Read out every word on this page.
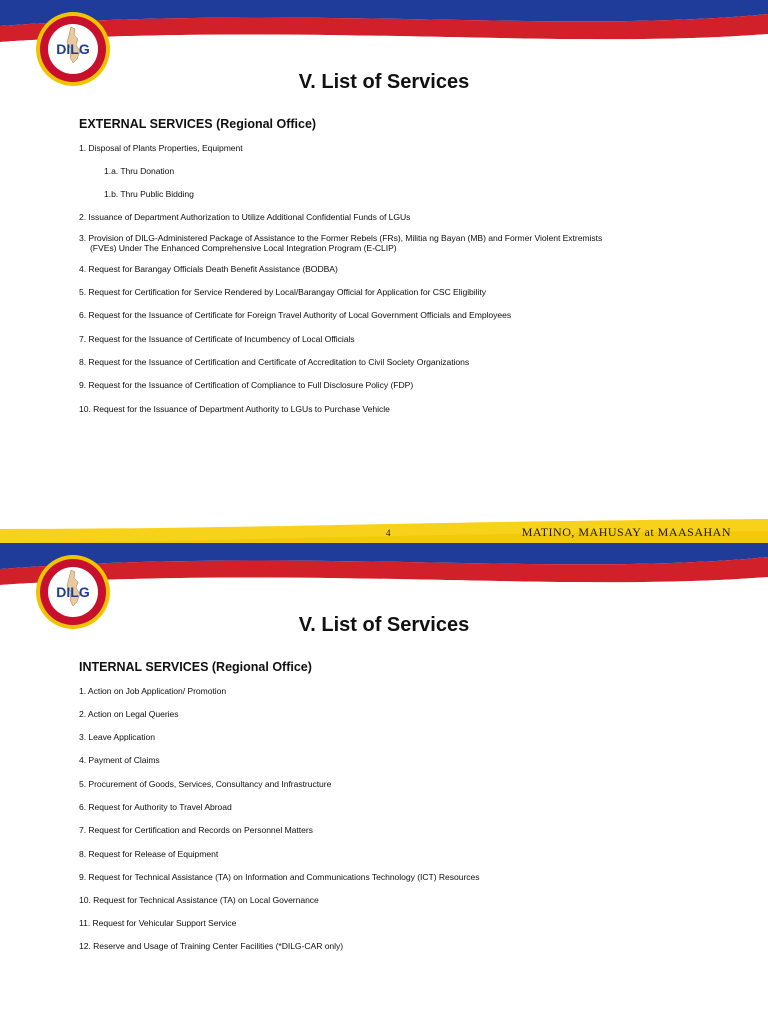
DILG
V. List of Services
EXTERNAL SERVICES (Regional Office)
1. Disposal of Plants Properties, Equipment
1.a. Thru Donation
1.b. Thru Public Bidding
2. Issuance of Department Authorization to Utilize Additional Confidential Funds of LGUs
3. Provision of DILG-Administered Package of Assistance to the Former Rebels (FRs), Militia ng Bayan (MB) and Former Violent Extremists
(FVEs) Under The Enhanced Comprehensive Local Integration Program (E-CLIP)
4. Request for Barangay Officials Death Benefit Assistance (BODBA)
5. Request for Certification for Service Rendered by Local/Barangay Official for Application for CSC Eligibility
6. Request for the Issuance of Certificate for Foreign Travel Authority of Local Government Officials and Employees
7. Request for the Issuance of Certificate of Incumbency of Local Officials
8. Request for the Issuance of Certification and Certificate of Accreditation to Civil Society Organizations
9. Request for the Issuance of Certification of Compliance to Full Disclosure Policy (FDP)
10. Request for the Issuance of Department Authority to LGUs to Purchase Vehicle
4	MATINO, MAHUSAY at MAASAHAN
DILG
V. List of Services
INTERNAL SERVICES (Regional Office)
1. Action on Job Application/ Promotion
2. Action on Legal Queries
3. Leave Application
4. Payment of Claims
5. Procurement of Goods, Services, Consultancy and Infrastructure
6. Request for Authority to Travel Abroad
7. Request for Certification and Records on Personnel Matters
8. Request for Release of Equipment
9. Request for Technical Assistance (TA) on Information and Communications Technology (ICT) Resources
10. Request for Technical Assistance (TA) on Local Governance
11. Request for Vehicular Support Service
12. Reserve and Usage of Training Center Facilities (*DILG-CAR only)
